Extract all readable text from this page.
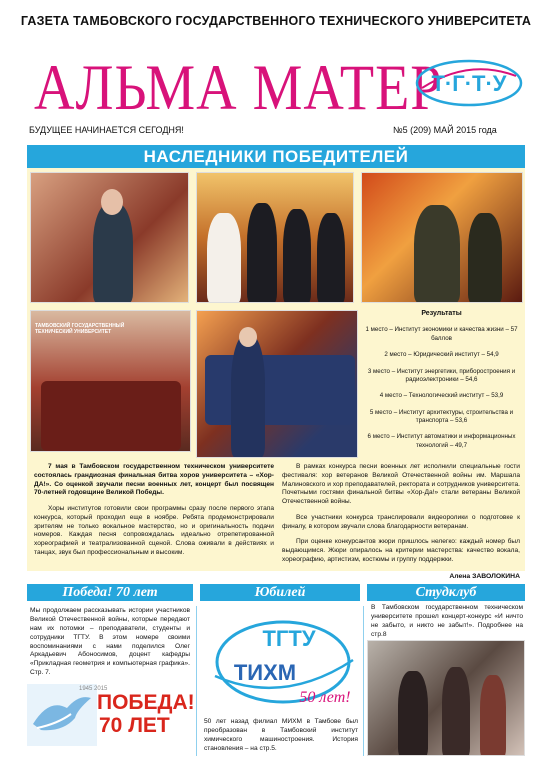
ГАЗЕТА ТАМБОВСКОГО ГОСУДАРСТВЕННОГО ТЕХНИЧЕСКОГО УНИВЕРСИТЕТА
АЛЬМА МАТЕР
Т·Г·Т·У
БУДУЩЕЕ НАЧИНАЕТСЯ СЕГОДНЯ!	№5 (209) МАЙ 2015 года
НАСЛЕДНИКИ ПОБЕДИТЕЛЕЙ
ТАМБОВСКИЙ ГОСУДАРСТВЕННЫЙ ТЕХНИЧЕСКИЙ УНИВЕРСИТЕТ
Результаты
1 место – Институт экономики и качества жизни – 57 баллов
2 место – Юридический институт – 54,9
3 место – Институт энергетики, приборостроения и радиоэлектроники – 54,6
4 место – Технологический институт – 53,9
5 место – Институт архитектуры, строительства и транспорта – 53,6
6 место – Институт автоматики и информационных технологий – 49,7

7 мая в Тамбовском государственном техническом университете состоялась грандиозная финальная битва хоров университета – «Хор-ДА!». Со оценкой звучали песни военных лет, концерт был посвящен 70-летней годовщине Великой Победы.

Хоры институтов готовили свои программы сразу после первого этапа конкурса, который проходил еще в ноябре. Ребята продемонстрировали зрителям не только вокальное мастерство, но и оригинальность подачи номеров. Каждая песня сопровождалась идеально отрепетированной хореографией и театрализованной сценой. Слова оживали в действиях и танцах, звук был профессиональным и высоким.

В рамках конкурса песни военных лет исполнили специальные гости фестиваля: хор ветеранов Великой Отечественной войны им. Маршала Малиновского и хор преподавателей, ректората и сотрудников университета. Почетными гостями финальной битвы «Хор-Да!» стали ветераны Великой Отечественной войны.

Все участники конкурса транслировали видеоролики о подготовке к финалу, в котором звучали слова благодарности ветеранам.

При оценке конкурсантов жюри пришлось нелегко: каждый номер был выдающимся. Жюри опиралось на критерии мастерства: качество вокала, хореографию, артистизм, костюмы и группу поддержки.

Алена ЗАВОЛОКИНА
Победа! 70 лет	Юбилей	Студклуб
Мы продолжаем рассказывать истории участников Великой Отечественной войны, которые передают нам их потомки – преподаватели, студенты и сотрудники ТГТУ. В этом номере своими воспоминаниями с нами поделился Олег Аркадьевич Абоносимов, доцент кафедры «Прикладная геометрия и компьютерная графика». Стр. 7.
1945 2015
ПОБЕДА!
70 ЛЕТ
ТГТУ
ТИХМ
50 лет!
50 лет назад филиал МИХМ в Тамбове был преобразован в Тамбовский институт химического машиностроения. История становления – на стр.5.
В Тамбовском государственном техническом университете прошел концерт-конкурс «И ничто не забыто, и никто не забыт!». Подробнее на стр.8
